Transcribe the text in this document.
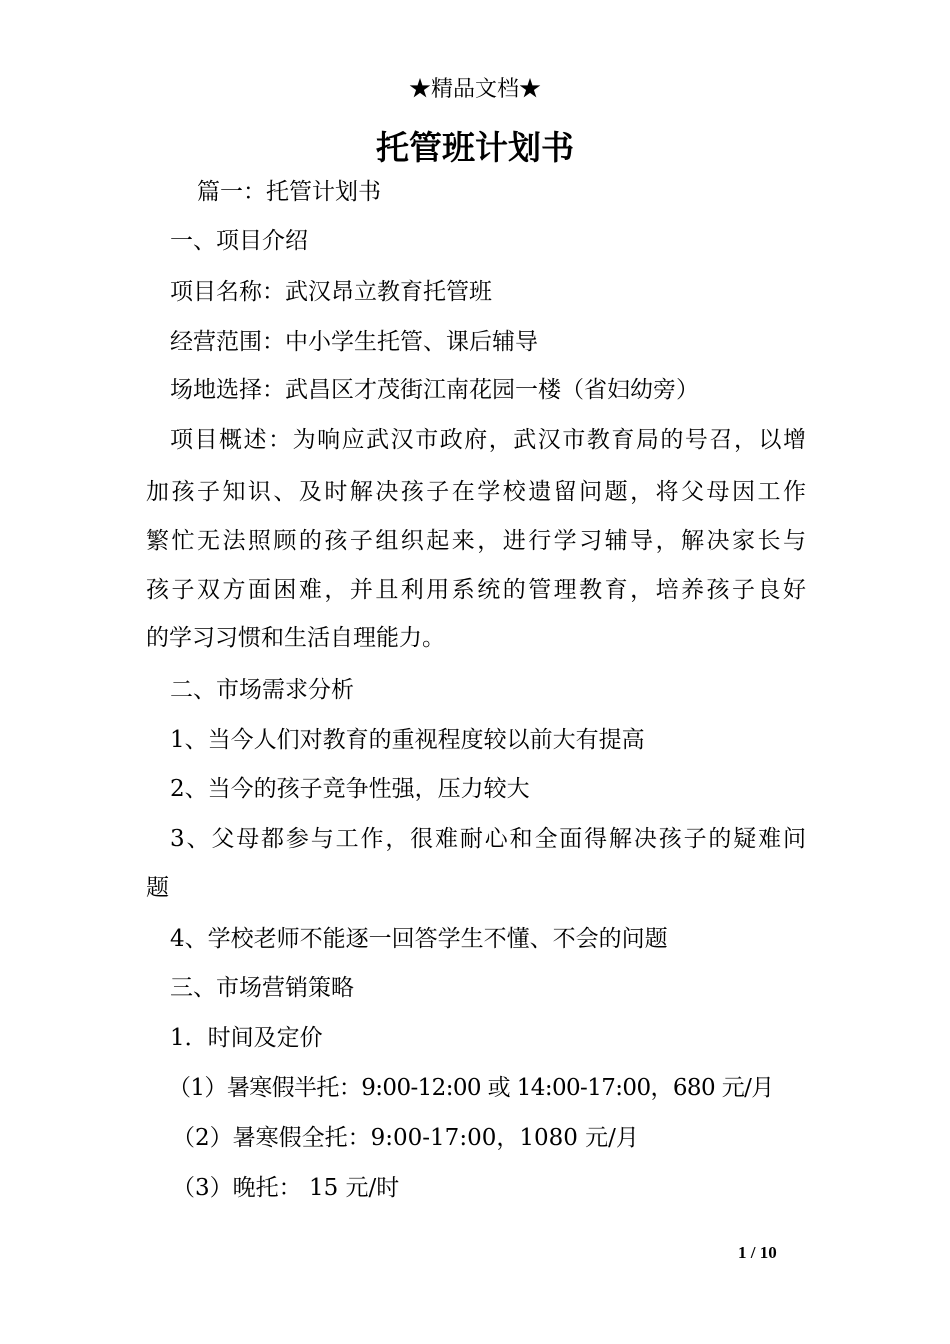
★精品文档★
托管班计划书
篇一：托管计划书
一、项目介绍
项目名称：武汉昂立教育托管班
经营范围：中小学生托管、课后辅导
场地选择：武昌区才茂街江南花园一楼（省妇幼旁）
项目概述：为响应武汉市政府，武汉市教育局的号召，以增
加孩子知识、及时解决孩子在学校遗留问题，将父母因工作
繁忙无法照顾的孩子组织起来，进行学习辅导，解决家长与
孩子双方面困难，并且利用系统的管理教育，培养孩子良好
的学习习惯和生活自理能力。
二、市场需求分析
1、当今人们对教育的重视程度较以前大有提高
2、当今的孩子竞争性强，压力较大
3、父母都参与工作，很难耐心和全面得解决孩子的疑难问
题
4、学校老师不能逐一回答学生不懂、不会的问题
三、市场营销策略
1．时间及定价
（1）暑寒假半托：9:00-12:00 或 14:00-17:00，680 元/月
（2）暑寒假全托：9:00-17:00，1080 元/月
（3）晚托： 15 元/时
1 / 10
